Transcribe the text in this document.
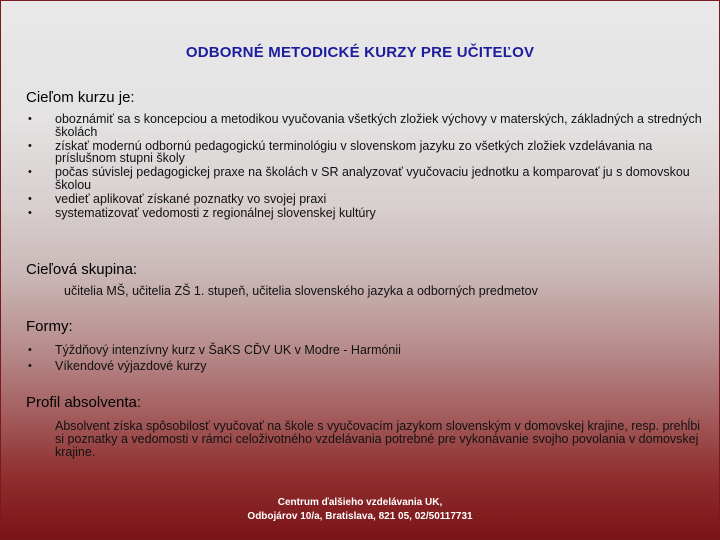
ODBORNÉ METODICKÉ KURZY PRE UČITEĽOV
Cieľom kurzu je:
• oboznámiť sa s koncepciou a metodikou vyučovania všetkých zložiek výchovy v materských, základných a stredných školách
• získať modernú odbornú pedagogickú terminológiu v slovenskom jazyku zo všetkých zložiek vzdelávania na príslušnom stupni školy
• počas súvislej pedagogickej praxe na školách v SR analyzovať vyučovaciu jednotku a komparovať ju s domovskou školou
• vedieť aplikovať získané poznatky vo svojej praxi
• systematizovať vedomosti z regionálnej slovenskej kultúry
Cieľová skupina:
učitelia MŠ, učitelia ZŠ 1. stupeň, učitelia slovenského jazyka a odborných predmetov
Formy:
• Týždňový intenzívny kurz v ŠaKS CĎV UK v Modre - Harmónii
• Víkendové výjazdové kurzy
Profil absolventa:
Absolvent získa spôsobilosť vyučovať na škole s vyučovacím jazykom slovenským v domovskej krajine, resp. prehĺbi si poznatky a vedomosti v rámci celoživotného vzdelávania potrebné pre vykonávanie svojho povolania v domovskej krajine.
Centrum ďalšieho vzdelávania UK,
Odbojárov 10/a, Bratislava, 821 05, 02/50117731
